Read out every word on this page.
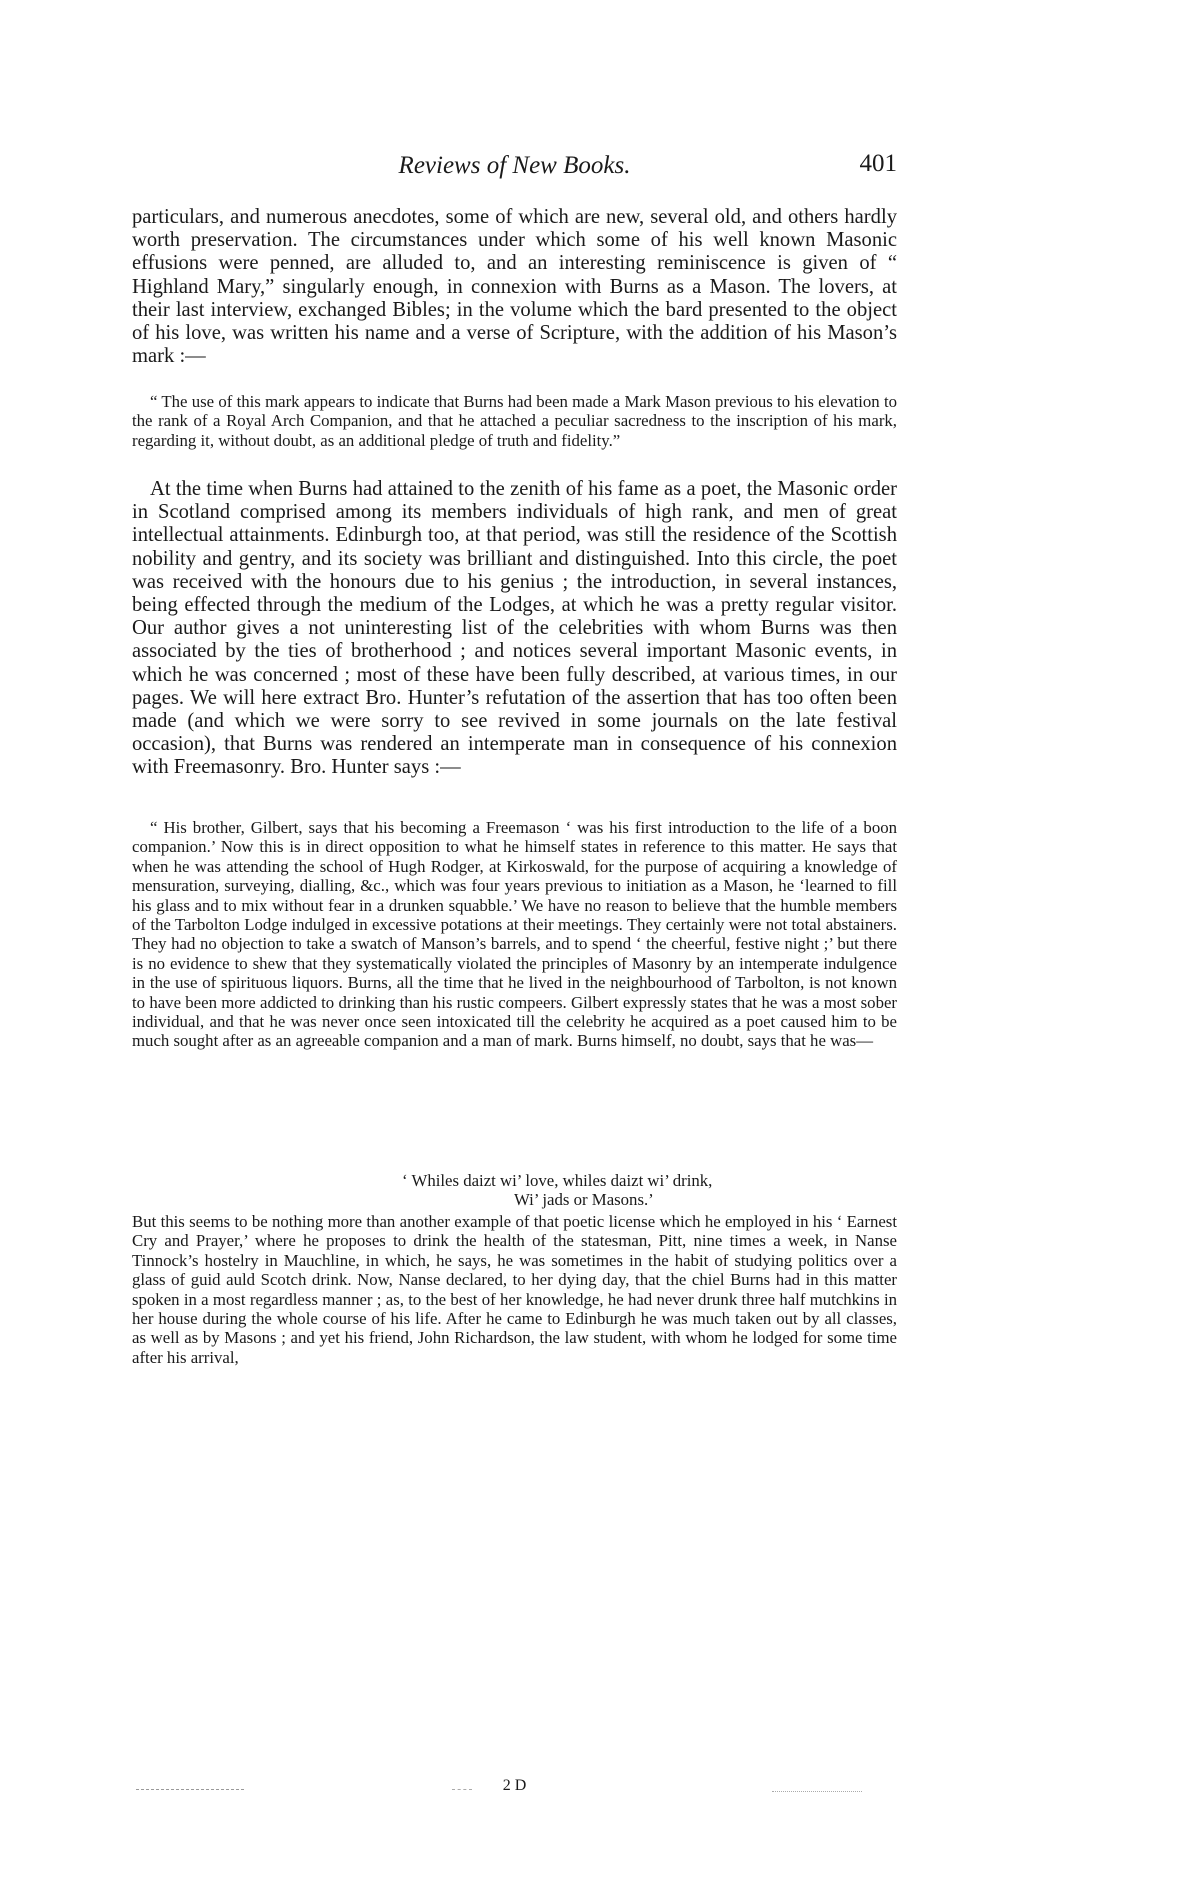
Reviews of New Books.	401

particulars, and numerous anecdotes, some of which are new, several old, and others hardly worth preservation. The circumstances under which some of his well known Masonic effusions were penned, are alluded to, and an interesting reminiscence is given of “ Highland Mary,” singularly enough, in connexion with Burns as a Mason. The lovers, at their last interview, exchanged Bibles; in the volume which the bard presented to the object of his love, was written his name and a verse of Scripture, with the addition of his Mason’s mark :—

“ The use of this mark appears to indicate that Burns had been made a Mark Mason previous to his elevation to the rank of a Royal Arch Companion, and that he attached a peculiar sacredness to the inscription of his mark, regarding it, without doubt, as an additional pledge of truth and fidelity.”

At the time when Burns had attained to the zenith of his fame as a poet, the Masonic order in Scotland comprised among its members individuals of high rank, and men of great intellectual attainments. Edinburgh too, at that period, was still the residence of the Scottish nobility and gentry, and its society was brilliant and distinguished. Into this circle, the poet was received with the honours due to his genius ; the introduction, in several instances, being effected through the medium of the Lodges, at which he was a pretty regular visitor. Our author gives a not uninteresting list of the celebrities with whom Burns was then associated by the ties of brotherhood ; and notices several important Masonic events, in which he was concerned ; most of these have been fully described, at various times, in our pages. We will here extract Bro. Hunter’s refutation of the assertion that has too often been made (and which we were sorry to see revived in some journals on the late festival occasion), that Burns was rendered an intemperate man in consequence of his connexion with Freemasonry. Bro. Hunter says :—

“ His brother, Gilbert, says that his becoming a Freemason ‘ was his first introduction to the life of a boon companion.’ Now this is in direct opposition to what he himself states in reference to this matter. He says that when he was attending the school of Hugh Rodger, at Kirkoswald, for the purpose of acquiring a knowledge of mensuration, surveying, dialling, &c., which was four years previous to initiation as a Mason, he ‘learned to fill his glass and to mix without fear in a drunken squabble.’ We have no reason to believe that the humble members of the Tarbolton Lodge indulged in excessive potations at their meetings. They certainly were not total abstainers. They had no objection to take a swatch of Manson’s barrels, and to spend ‘ the cheerful, festive night ;’ but there is no evidence to shew that they systematically violated the principles of Masonry by an intemperate indulgence in the use of spirituous liquors. Burns, all the time that he lived in the neighbourhood of Tarbolton, is not known to have been more addicted to drinking than his rustic compeers. Gilbert expressly states that he was a most sober individual, and that he was never once seen intoxicated till the celebrity he acquired as a poet caused him to be much sought after as an agreeable companion and a man of mark. Burns himself, no doubt, says that he was—

‘ Whiles daizt wi’ love, whiles daizt wi’ drink,
Wi’ jads or Masons.’

But this seems to be nothing more than another example of that poetic license which he employed in his ‘ Earnest Cry and Prayer,’ where he proposes to drink the health of the statesman, Pitt, nine times a week, in Nanse Tinnock’s hostelry in Mauchline, in which, he says, he was sometimes in the habit of studying politics over a glass of guid auld Scotch drink. Now, Nanse declared, to her dying day, that the chiel Burns had in this matter spoken in a most regardless manner ; as, to the best of her knowledge, he had never drunk three half mutchkins in her house during the whole course of his life. After he came to Edinburgh he was much taken out by all classes, as well as by Masons ; and yet his friend, John Richardson, the law student, with whom he lodged for some time after his arrival,

2 D
